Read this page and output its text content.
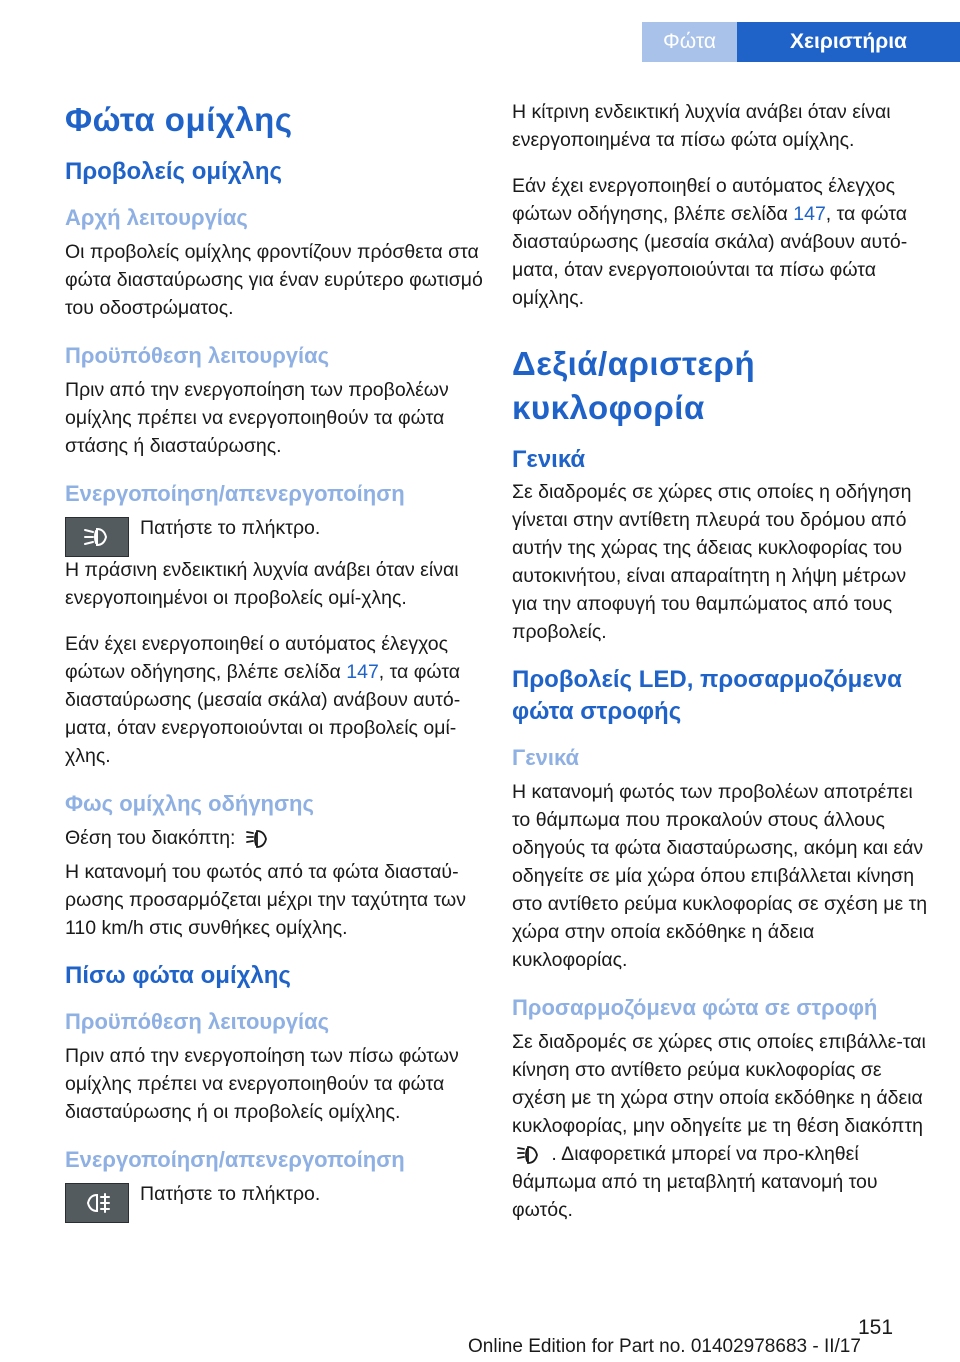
Φώτα	Χειριστήρια
Φώτα ομίχλης
Προβολείς ομίχλης
Αρχή λειτουργίας

Οι προβολείς ομίχλης φροντίζουν πρόσθετα στα φώτα διασταύρωσης για έναν ευρύτερο φωτισμό του οδοστρώματος.

Προϋπόθεση λειτουργίας

Πριν από την ενεργοποίηση των προβολέων ομίχλης πρέπει να ενεργοποιηθούν τα φώτα στάσης ή διασταύρωσης.

Ενεργοποίηση/απενεργοποίηση

Πατήστε το πλήκτρο.

Η πράσινη ενδεικτική λυχνία ανάβει όταν είναι ενεργοποιημένοι οι προβολείς ομί-χλης.

Εάν έχει ενεργοποιηθεί ο αυτόματος έλεγχος φώτων οδήγησης, βλέπε σελίδα 147, τα φώτα διασταύρωσης (μεσαία σκάλα) ανάβουν αυτό-ματα, όταν ενεργοποιούνται οι προβολείς ομί-χλης.

Φως ομίχλης οδήγησης

Θέση του διακόπτη:

Η κατανομή του φωτός από τα φώτα διασταύ-ρωσης προσαρμόζεται μέχρι την ταχύτητα των 110 km/h στις συνθήκες ομίχλης.

Πίσω φώτα ομίχλης
Προϋπόθεση λειτουργίας

Πριν από την ενεργοποίηση των πίσω φώτων ομίχλης πρέπει να ενεργοποιηθούν τα φώτα διασταύρωσης ή οι προβολείς ομίχλης.

Ενεργοποίηση/απενεργοποίηση

Πατήστε το πλήκτρο.

Η κίτρινη ενδεικτική λυχνία ανάβει όταν είναι ενεργοποιημένα τα πίσω φώτα ομίχλης.

Εάν έχει ενεργοποιηθεί ο αυτόματος έλεγχος φώτων οδήγησης, βλέπε σελίδα 147, τα φώτα διασταύρωσης (μεσαία σκάλα) ανάβουν αυτό-ματα, όταν ενεργοποιούνται τα πίσω φώτα ομίχλης.

Δεξιά/αριστερή κυκλοφορία
Γενικά

Σε διαδρομές σε χώρες στις οποίες η οδήγηση γίνεται στην αντίθετη πλευρά του δρόμου από αυτήν της χώρας της άδειας κυκλοφορίας του αυτοκινήτου, είναι απαραίτητη η λήψη μέτρων για την αποφυγή του θαμπώματος από τους προβολείς.

Προβολείς LED, προσαρμοζόμενα φώτα στροφής
Γενικά

Η κατανομή φωτός των προβολέων αποτρέπει το θάμπωμα που προκαλούν στους άλλους οδηγούς τα φώτα διασταύρωσης, ακόμη και εάν οδηγείτε σε μία χώρα όπου επιβάλλεται κίνηση στο αντίθετο ρεύμα κυκλοφορίας σε σχέση με τη χώρα στην οποία εκδόθηκε η άδεια κυκλοφορίας.

Προσαρμοζόμενα φώτα σε στροφή

Σε διαδρομές σε χώρες στις οποίες επιβάλλε-ται κίνηση στο αντίθετο ρεύμα κυκλοφορίας σε σχέση με τη χώρα στην οποία εκδόθηκε η άδεια κυκλοφορίας, μην οδηγείτε με τη θέση διακόπτη  . Διαφορετικά μπορεί να προ-κληθεί θάμπωμα από τη μεταβλητή κατανομή του φωτός.

151
Online Edition for Part no. 01402978683 - II/17
